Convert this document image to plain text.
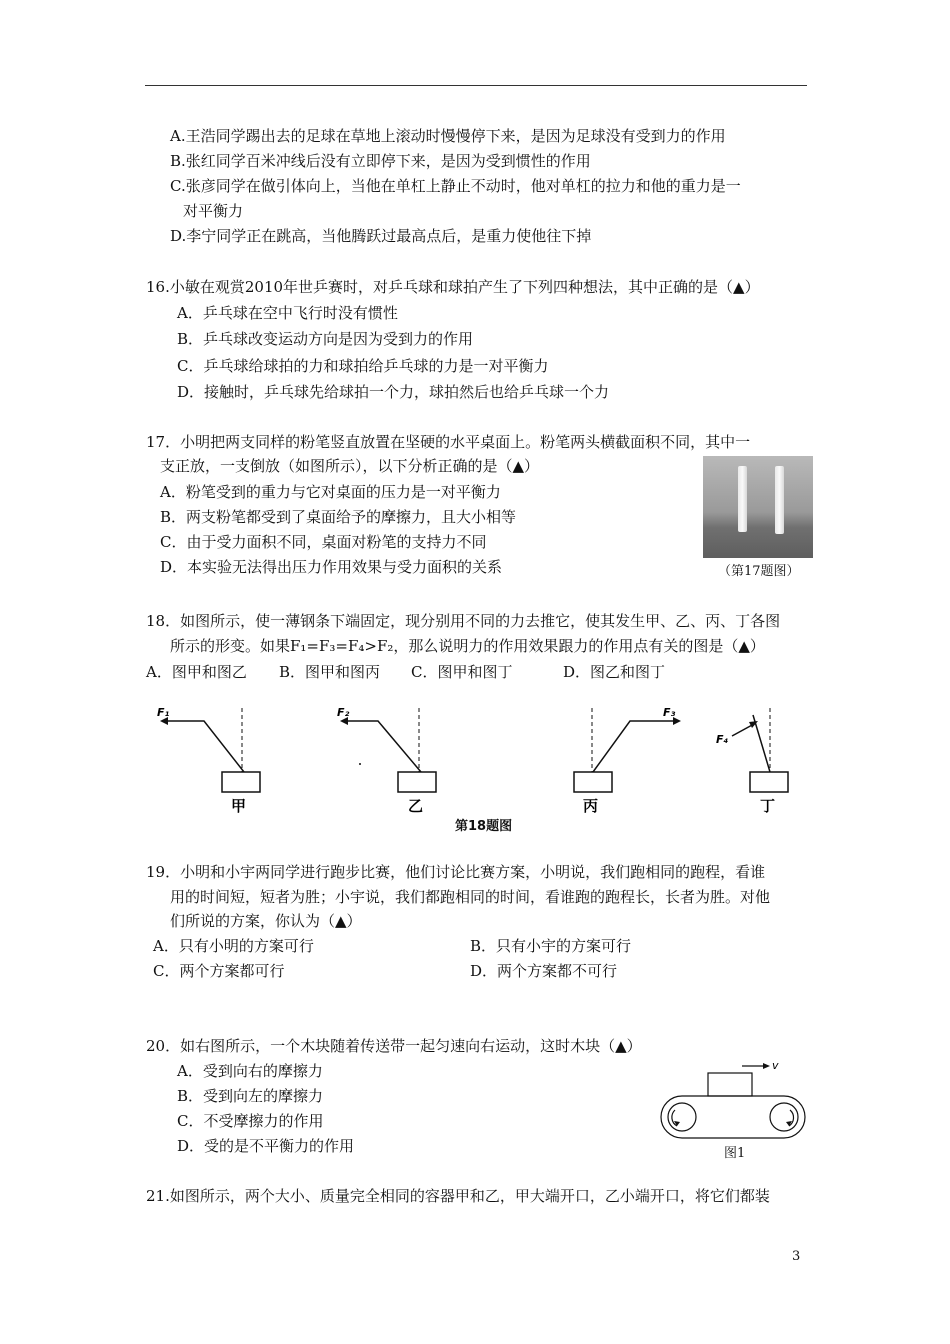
A.王浩同学踢出去的足球在草地上滚动时慢慢停下来，是因为足球没有受到力的作用
B.张红同学百米冲线后没有立即停下来，是因为受到惯性的作用
C.张彦同学在做引体向上，当他在单杠上静止不动时，他对单杠的拉力和他的重力是一
对平衡力
D.李宁同学正在跳高，当他腾跃过最高点后，是重力使他往下掉
16.小敏在观赏2010年世乒赛时，对乒乓球和球拍产生了下列四种想法，其中正确的是（▲）
A．乒乓球在空中飞行时没有惯性
B．乒乓球改变运动方向是因为受到力的作用
C．乒乓球给球拍的力和球拍给乒乓球的力是一对平衡力
D．接触时，乒乓球先给球拍一个力，球拍然后也给乒乓球一个力
17．小明把两支同样的粉笔竖直放置在坚硬的水平桌面上。粉笔两头横截面积不同，其中一
支正放，一支倒放（如图所示），以下分析正确的是（▲）
A．粉笔受到的重力与它对桌面的压力是一对平衡力
B．两支粉笔都受到了桌面给予的摩擦力，且大小相等
C．由于受力面积不同，桌面对粉笔的支持力不同
D．本实验无法得出压力作用效果与受力面积的关系	（第17题图）
18．如图所示，使一薄钢条下端固定，现分别用不同的力去推它，使其发生甲、乙、丙、丁各图
所示的形变。如果F₁=F₃=F₄>F₂，那么说明力的作用效果跟力的作用点有关的图是（▲）
A．图甲和图乙 B．图甲和图丙 C．图甲和图丁	D．图乙和图丁
F₁	F₂	F₃
F₄
甲	乙	丙	丁
第18题图
19．小明和小宇两同学进行跑步比赛，他们讨论比赛方案，小明说，我们跑相同的跑程，看谁
用的时间短，短者为胜；小宇说，我们都跑相同的时间，看谁跑的跑程长，长者为胜。对他
们所说的方案，你认为（▲）
A．只有小明的方案可行	B．只有小宇的方案可行
C．两个方案都可行	D．两个方案都不可行
20．如右图所示，一个木块随着传送带一起匀速向右运动，这时木块（▲）
A．受到向右的摩擦力
B．受到向左的摩擦力
C．不受摩擦力的作用
D．受的是不平衡力的作用
v
图1
21.如图所示，两个大小、质量完全相同的容器甲和乙，甲大端开口，乙小端开口，将它们都装
3
